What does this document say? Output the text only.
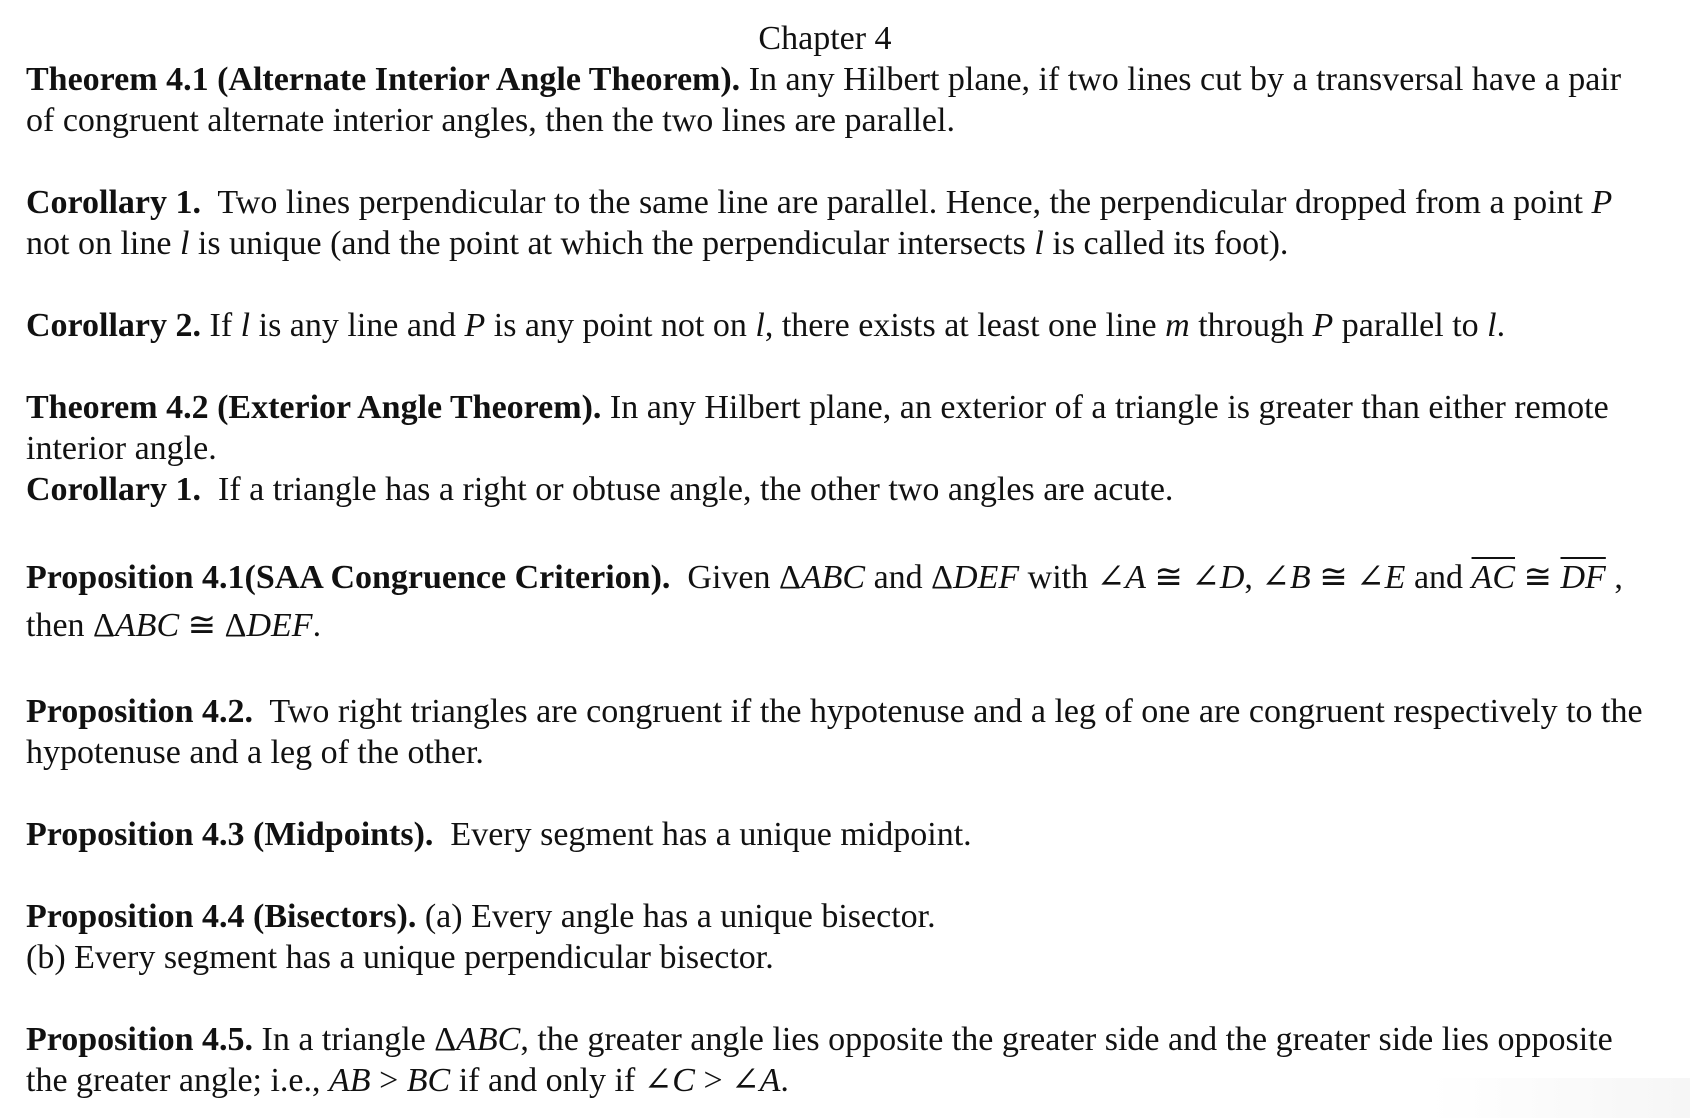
Chapter 4

Theorem 4.1 (Alternate Interior Angle Theorem). In any Hilbert plane, if two lines cut by a transversal have a pair of congruent alternate interior angles, then the two lines are parallel.

Corollary 1. Two lines perpendicular to the same line are parallel. Hence, the perpendicular dropped from a point P not on line l is unique (and the point at which the perpendicular intersects l is called its foot).

Corollary 2. If l is any line and P is any point not on l, there exists at least one line m through P parallel to l.

Theorem 4.2 (Exterior Angle Theorem). In any Hilbert plane, an exterior of a triangle is greater than either remote interior angle.

Corollary 1. If a triangle has a right or obtuse angle, the other two angles are acute.

Proposition 4.1(SAA Congruence Criterion). Given ΔABC and ΔDEF with ∠A ≅ ∠D, ∠B ≅ ∠E and $\overline{AC}$ ≅ $\overline{DF}$ , then ΔABC ≅ ΔDEF.

Proposition 4.2. Two right triangles are congruent if the hypotenuse and a leg of one are congruent respectively to the hypotenuse and a leg of the other.

Proposition 4.3 (Midpoints). Every segment has a unique midpoint.

Proposition 4.4 (Bisectors). (a) Every angle has a unique bisector.

(b) Every segment has a unique perpendicular bisector.

Proposition 4.5. In a triangle ΔABC, the greater angle lies opposite the greater side and the greater side lies opposite the greater angle; i.e., AB > BC if and only if ∠C > ∠A.
